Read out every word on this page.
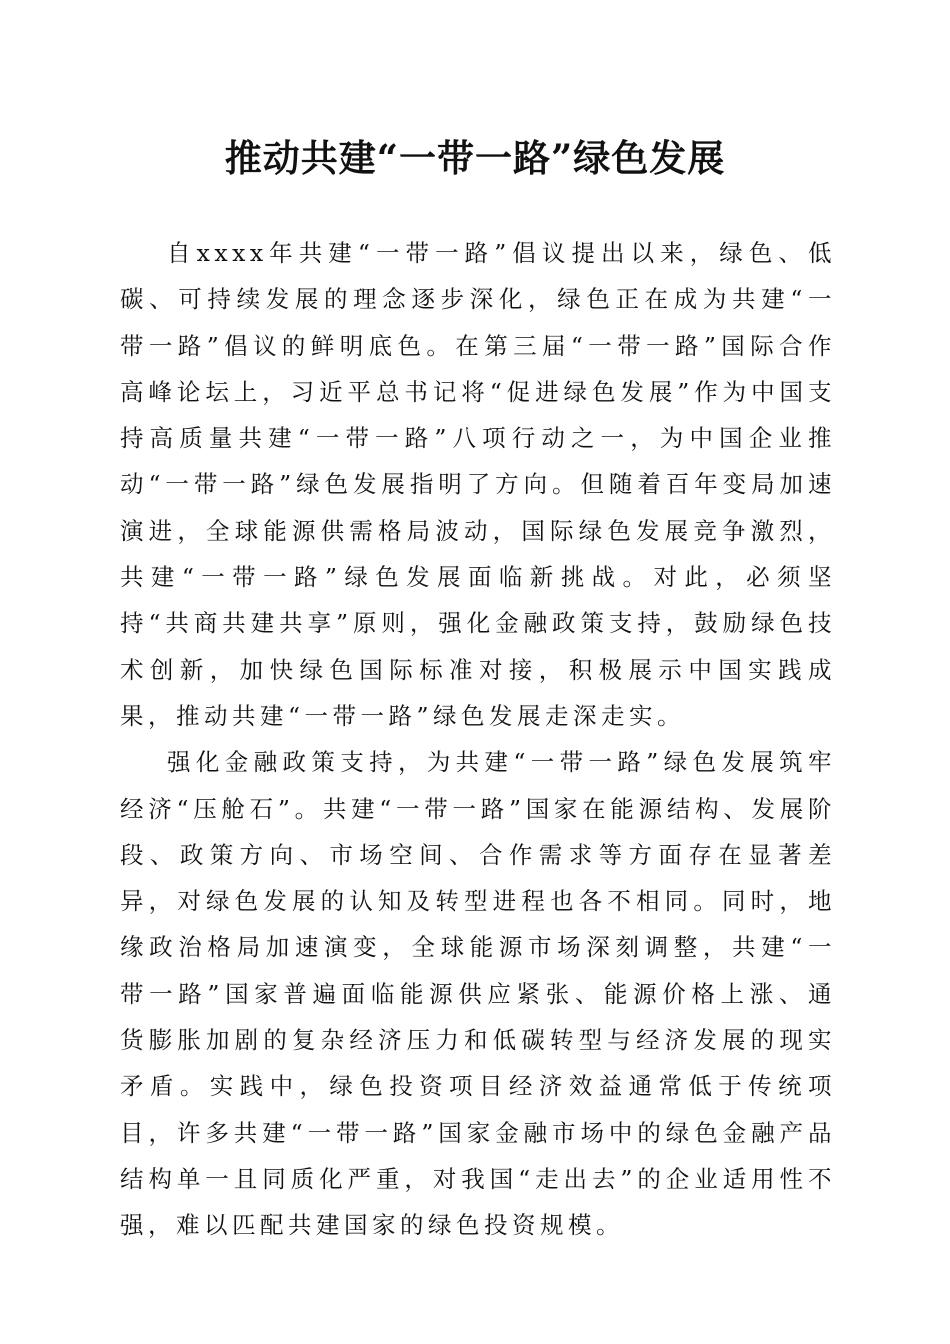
推动共建“一带一路”绿色发展

自xxxx年共建“一带一路”倡议提出以来，绿色、低碳、可持续发展的理念逐步深化，绿色正在成为共建“一带一路”倡议的鲜明底色。在第三届“一带一路”国际合作高峰论坛上，习近平总书记将“促进绿色发展”作为中国支持高质量共建“一带一路”八项行动之一，为中国企业推动“一带一路”绿色发展指明了方向。但随着百年变局加速演进，全球能源供需格局波动，国际绿色发展竞争激烈，共建“一带一路”绿色发展面临新挑战。对此，必须坚持“共商共建共享”原则，强化金融政策支持，鼓励绿色技术创新，加快绿色国际标准对接，积极展示中国实践成果，推动共建“一带一路”绿色发展走深走实。

强化金融政策支持，为共建“一带一路”绿色发展筑牢经济“压舱石”。共建“一带一路”国家在能源结构、发展阶段、政策方向、市场空间、合作需求等方面存在显著差异，对绿色发展的认知及转型进程也各不相同。同时，地缘政治格局加速演变，全球能源市场深刻调整，共建“一带一路”国家普遍面临能源供应紧张、能源价格上涨、通货膨胀加剧的复杂经济压力和低碳转型与经济发展的现实矛盾。实践中，绿色投资项目经济效益通常低于传统项目，许多共建“一带一路”国家金融市场中的绿色金融产品结构单一且同质化严重，对我国“走出去”的企业适用性不强，难以匹配共建国家的绿色投资规模。
